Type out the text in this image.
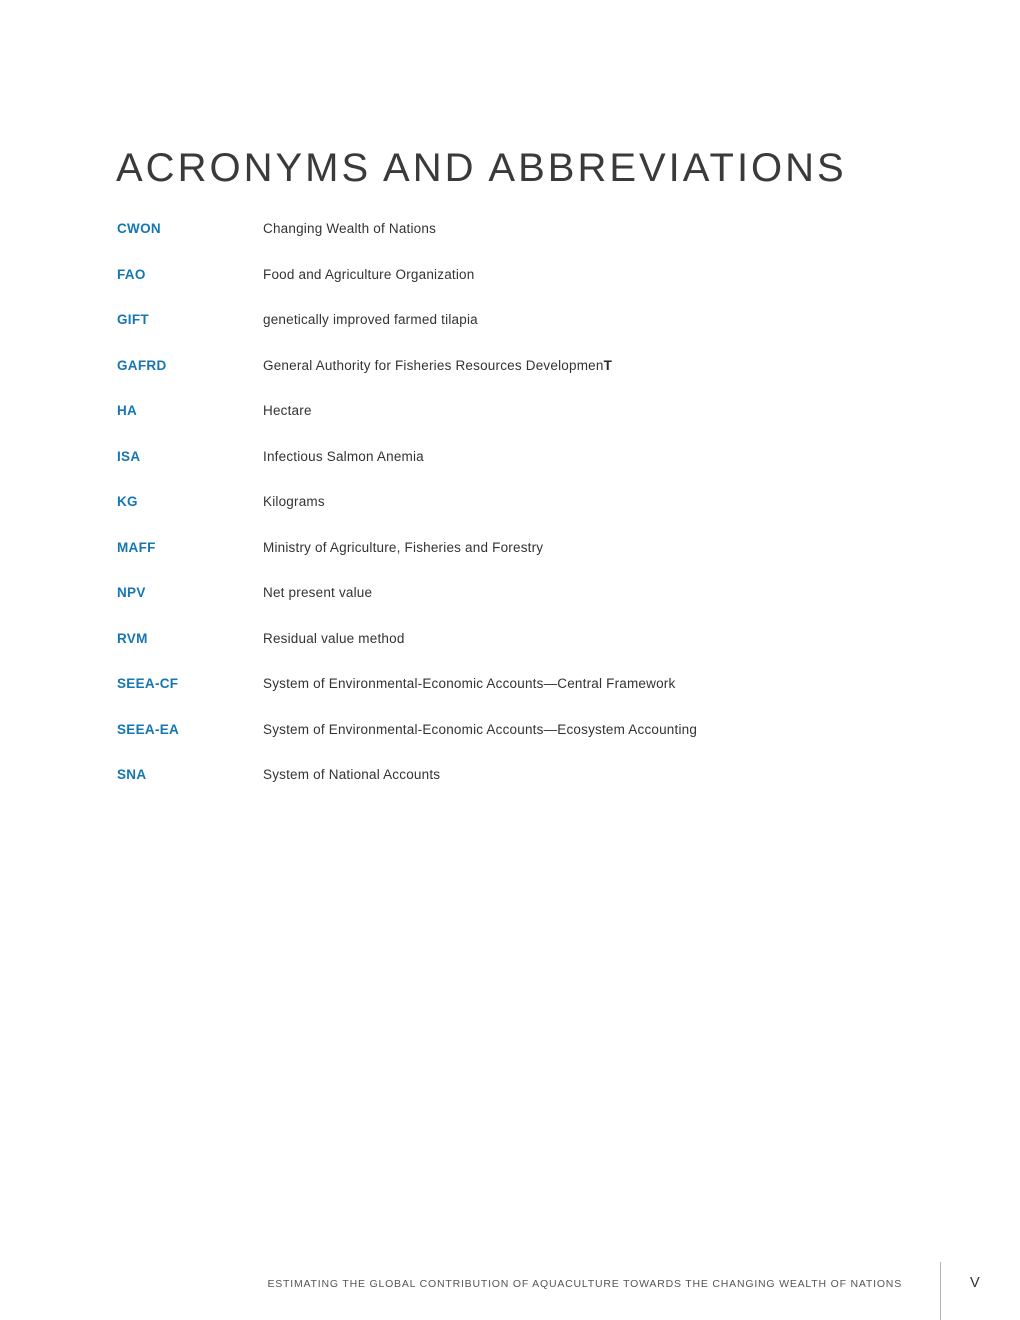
ACRONYMS AND ABBREVIATIONS
CWON	Changing Wealth of Nations
FAO	Food and Agriculture Organization
GIFT	genetically improved farmed tilapia
GAFRD	General Authority for Fisheries Resources DevelopmenT
HA	Hectare
ISA	Infectious Salmon Anemia
KG	Kilograms
MAFF	Ministry of Agriculture, Fisheries and Forestry
NPV	Net present value
RVM	Residual value method
SEEA-CF	System of Environmental-Economic Accounts—Central Framework
SEEA-EA	System of Environmental-Economic Accounts—Ecosystem Accounting
SNA	System of National Accounts
ESTIMATING THE GLOBAL CONTRIBUTION OF AQUACULTURE TOWARDS THE CHANGING WEALTH OF NATIONS	V
